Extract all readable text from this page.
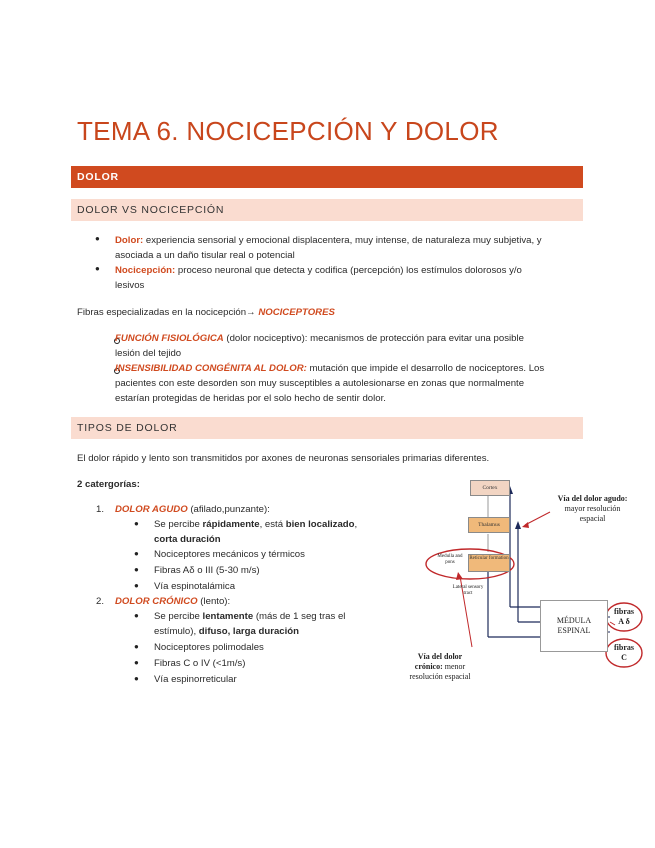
TEMA 6. NOCICEPCIÓN Y DOLOR
DOLOR
DOLOR VS NOCICEPCIÓN
● Dolor: experiencia sensorial y emocional displacentera, muy intense, de naturaleza muy subjetiva, y
asociada a un daño tisular real o potencial
● Nocicepción: proceso neuronal que detecta y codifica (percepción) los estímulos dolorosos y/o
lesivos
Fibras especializadas en la nocicepción→ NOCICEPTORES
FUNCIÓN FISIOLÓGICA (dolor nociceptivo): mecanismos de protección para evitar una posible
lesión del tejido
INSENSIBILIDAD CONGÉNITA AL DOLOR: mutación que impide el desarrollo de nociceptores. Los
pacientes con este desorden son muy susceptibles a autolesionarse en zonas que normalmente
estarían protegidas de heridas por el solo hecho de sentir dolor.
TIPOS DE DOLOR
El dolor rápido y lento son transmitidos por axones de neuronas sensoriales primarias diferentes.
2 catergorías:
1. DOLOR AGUDO (afilado,punzante):
● Se percibe rápidamente, está bien localizado,
corta duración
● Nociceptores mecánicos y térmicos
● Fibras Aδ o III (5-30 m/s)
● Vía espinotalámica
2. DOLOR CRÓNICO (lento):
● Se percibe lentamente (más de 1 seg tras el
estímulo), difuso, larga duración
● Nociceptores polimodales
● Fibras C o IV (<1m/s)
● Vía espinorreticular
Cortex
Thalamus
Medulla and pons
Reticular formation
Lateral sensory tract
Vía del dolor agudo:
mayor resolución
espacial
MÉDULA
ESPINAL
fibras
A δ
fibras
C
Vía del dolor
crónico: menor
resolución espacial
